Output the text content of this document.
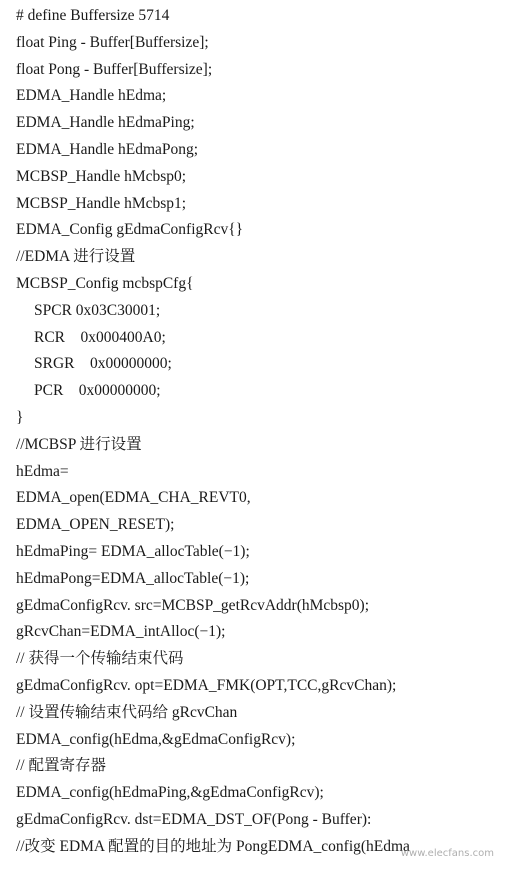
# define Buffersize 5714
float Ping - Buffer[Buffersize];
float Pong - Buffer[Buffersize];
EDMA_Handle hEdma;
EDMA_Handle hEdmaPing;
EDMA_Handle hEdmaPong;
MCBSP_Handle hMcbsp0;
MCBSP_Handle hMcbsp1;
EDMA_Config gEdmaConfigRcv{}
//EDMA 进行设置
MCBSP_Config mcbspCfg{
SPCR 0x03C30001;
RCR    0x000400A0;
SRGR    0x00000000;
PCR    0x00000000;
}
//MCBSP 进行设置
hEdma=
EDMA_open(EDMA_CHA_REVT0,
EDMA_OPEN_RESET);
hEdmaPing= EDMA_allocTable(−1);
hEdmaPong=EDMA_allocTable(−1);
gEdmaConfigRcv. src=MCBSP_getRcvAddr(hMcbsp0);
gRcvChan=EDMA_intAlloc(−1);
// 获得一个传输结束代码
gEdmaConfigRcv. opt=EDMA_FMK(OPT,TCC,gRcvChan);
// 设置传输结束代码给 gRcvChan
EDMA_config(hEdma,&gEdmaConfigRcv);
// 配置寄存器
EDMA_config(hEdmaPing,&gEdmaConfigRcv);
gEdmaConfigRcv. dst=EDMA_DST_OF(Pong - Buffer):
//改变 EDMA 配置的目的地址为 PongEDMA_config(hEdma
www.elecfans.com
